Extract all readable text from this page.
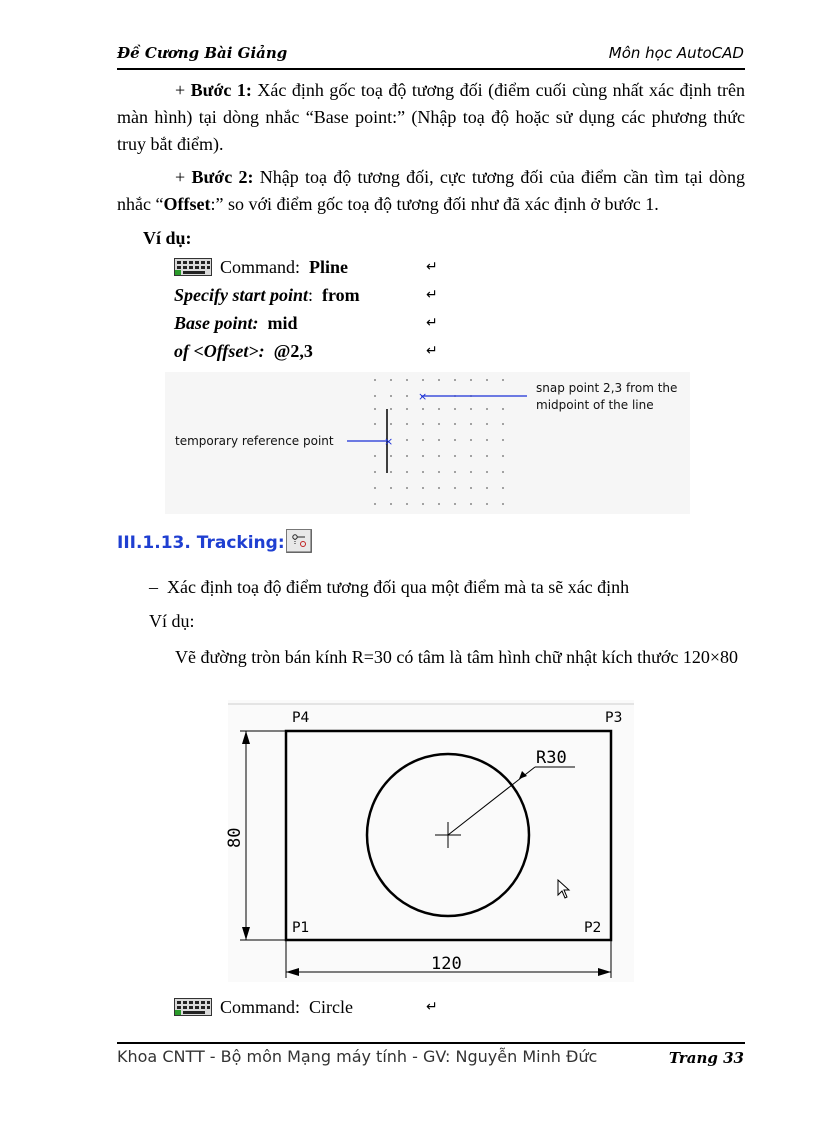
Đề Cương Bài Giảng	Môn học AutoCAD
+ Bước 1: Xác định gốc toạ độ tương đối (điểm cuối cùng nhất xác định trên màn hình) tại dòng nhắc “Base point:” (Nhập toạ độ hoặc sử dụng các phương thức truy bắt điểm).
+ Bước 2: Nhập toạ độ tương đối, cực tương đối của điểm cần tìm tại dòng nhắc “Offset:” so với điểm gốc toạ độ tương đối như đã xác định ở bước 1.
Ví dụ:
Command: Pline	↵
Specify start point: from	↵
Base point: mid	↵
of <Offset>: @2,3	↵
×
×
snap point 2,3 from the
midpoint of the line
temporary reference point
III.1.13. Tracking:
– Xác định toạ độ điểm tương đối qua một điểm mà ta sẽ xác định
Ví dụ:
Vẽ đường tròn bán kính R=30 có tâm là tâm hình chữ nhật kích thước 120×80
R30
80
120
P4	P3
P1	P2
Command: Circle	↵
Khoa CNTT - Bộ môn Mạng máy tính - GV: Nguyễn Minh Đức	Trang 33
